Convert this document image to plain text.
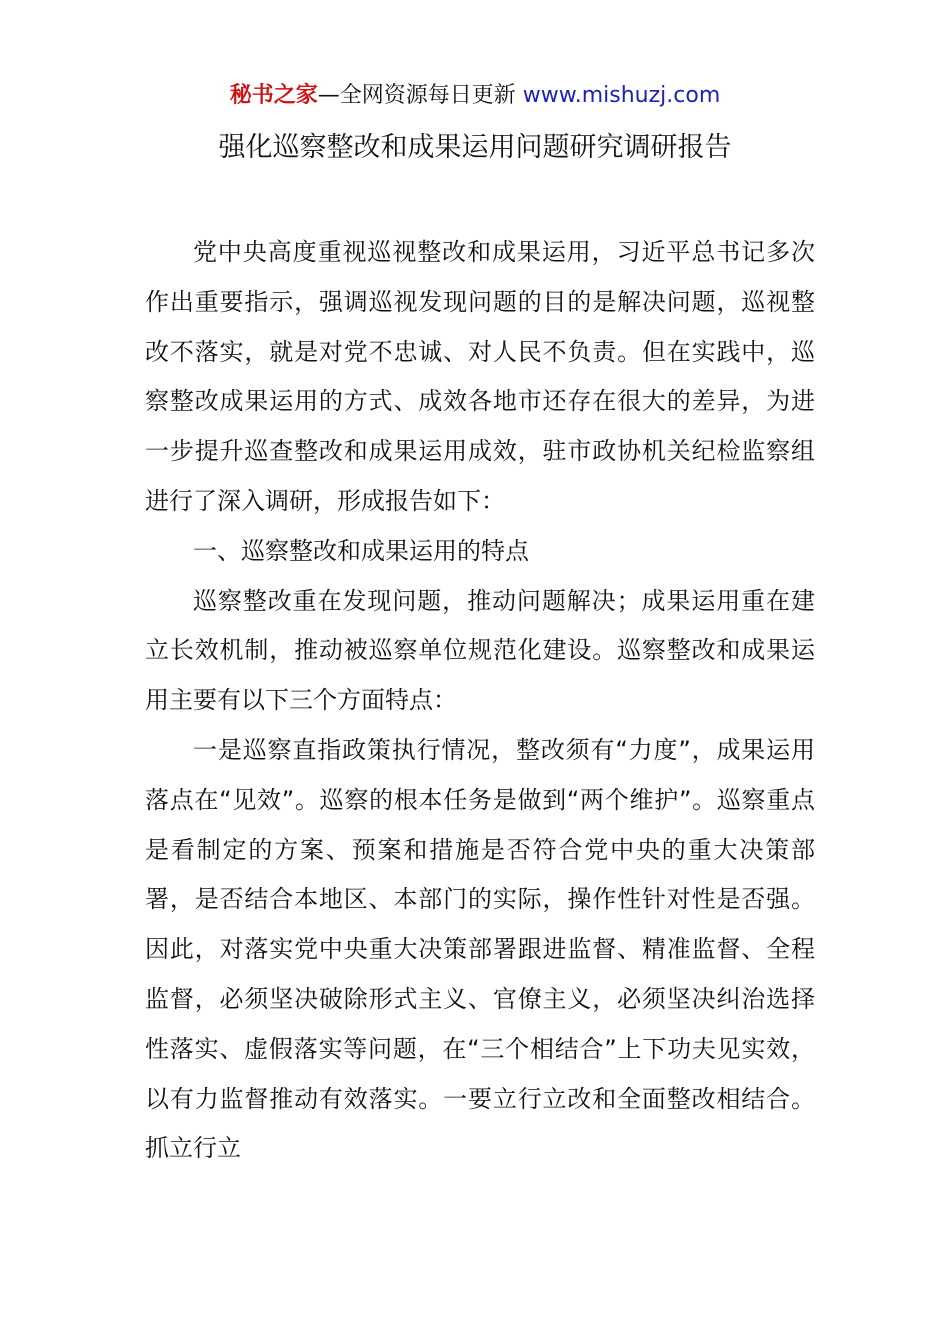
秘书之家—全网资源每日更新 www.mishuzj.com
强化巡察整改和成果运用问题研究调研报告

党中央高度重视巡视整改和成果运用，习近平总书记多次作出重要指示，强调巡视发现问题的目的是解决问题，巡视整改不落实，就是对党不忠诚、对人民不负责。但在实践中，巡察整改成果运用的方式、成效各地市还存在很大的差异，为进一步提升巡查整改和成果运用成效，驻市政协机关纪检监察组进行了深入调研，形成报告如下：

一、巡察整改和成果运用的特点

巡察整改重在发现问题，推动问题解决；成果运用重在建立长效机制，推动被巡察单位规范化建设。巡察整改和成果运用主要有以下三个方面特点：

一是巡察直指政策执行情况，整改须有“力度”，成果运用落点在“见效”。巡察的根本任务是做到“两个维护”。巡察重点是看制定的方案、预案和措施是否符合党中央的重大决策部署，是否结合本地区、本部门的实际，操作性针对性是否强。因此，对落实党中央重大决策部署跟进监督、精准监督、全程监督，必须坚决破除形式主义、官僚主义，必须坚决纠治选择性落实、虚假落实等问题，在“三个相结合”上下功夫见实效，以有力监督推动有效落实。一要立行立改和全面整改相结合。抓立行立
